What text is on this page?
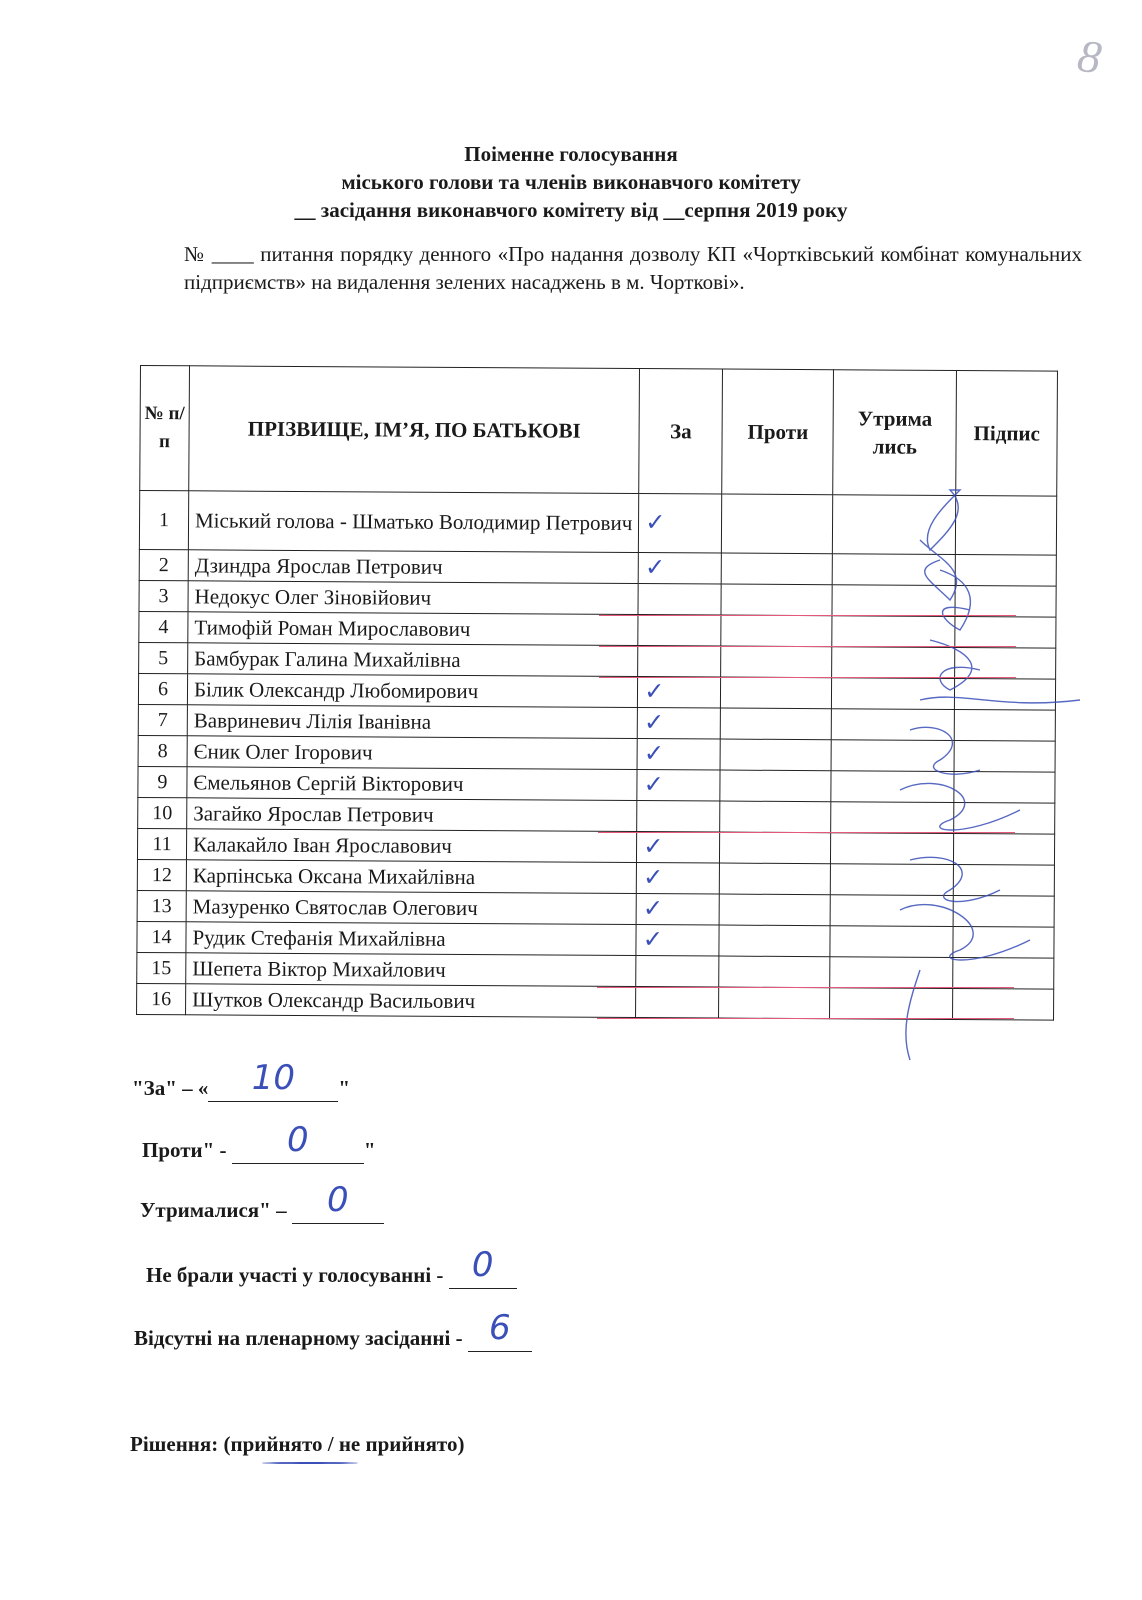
8
Поіменне голосування
міського голови та членів виконавчого комітету
__ засідання виконавчого комітету від __серпня 2019 року
№ ____ питання порядку денного «Про надання дозволу КП «Чортківський комбінат комунальних підприємств» на видалення зелених насаджень в м. Чорткові».
№ п/п	ПРІЗВИЩЕ, ІМ’Я, ПО БАТЬКОВІ	За	Проти	Утрима лись	Підпис
1	Міський голова - Шматько Володимир Петрович	✓			
2	Дзиндра Ярослав Петрович	✓			
3	Недокус Олег Зіновійович				
4	Тимофій Роман Мирославович				
5	Бамбурак Галина Михайлівна				
6	Білик Олександр Любомирович	✓			
7	Вавриневич Лілія Іванівна	✓			
8	Єник Олег Ігорович	✓			
9	Ємельянов Сергій Вікторович	✓			
10	Загайко Ярослав Петрович				
11	Калакайло Іван Ярославович	✓			
12	Карпінська Оксана Михайлівна	✓			
13	Мазуренко Святослав Олегович	✓			
14	Рудик Стефанія Михайлівна	✓			
15	Шепета Віктор Михайлович				
16	Шутков Олександр Васильович				
"За" – «	10	"
Проти" -	0	"
Утрималися" –	0
Не брали участі у голосуванні - 0
Відсутні на пленарному засіданні - 6
Рішення: (прийнято / не прийнято)
